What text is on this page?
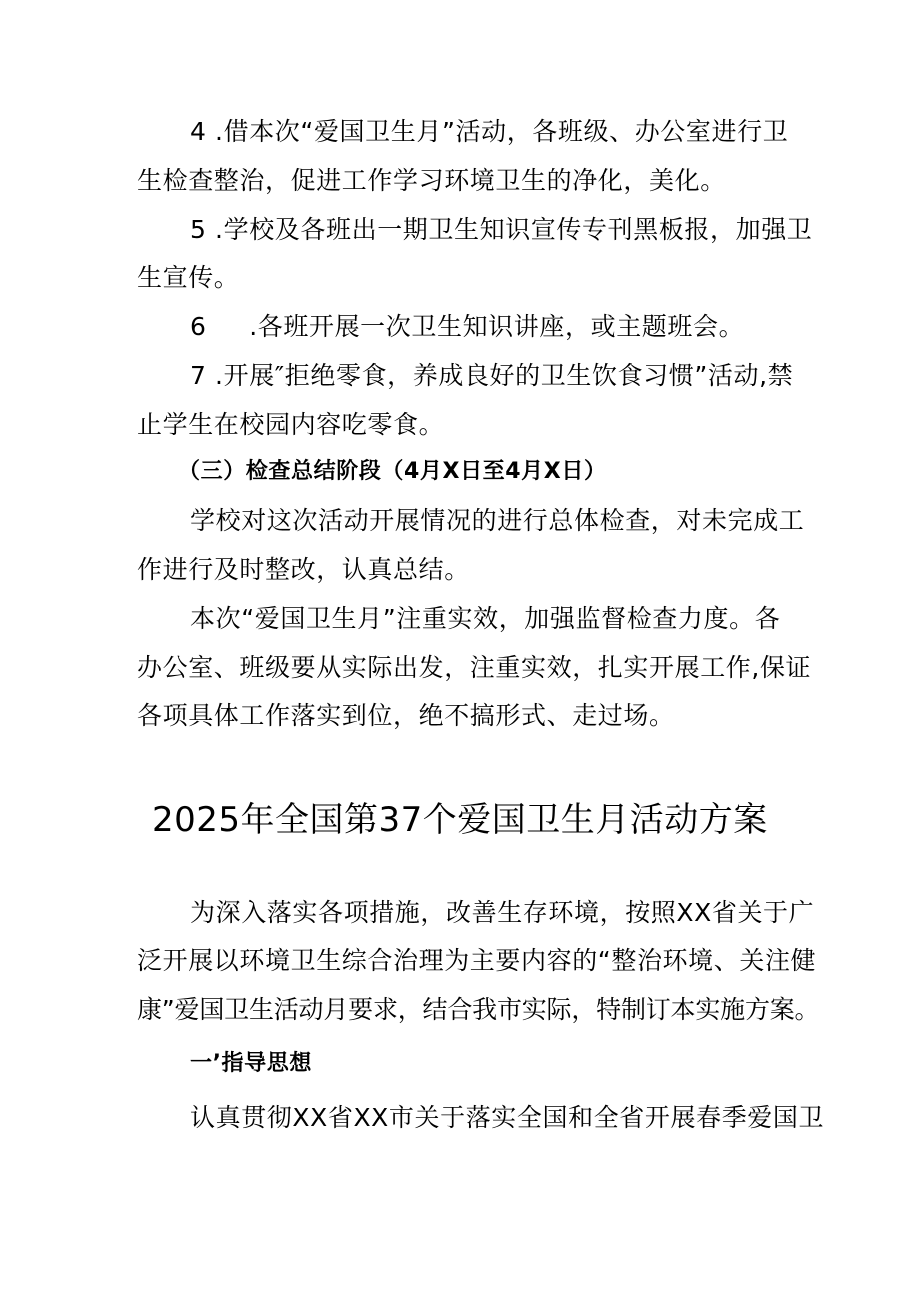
4 .借本次“爱国卫生月”活动，各班级、办公室进行卫
生检查整治，促进工作学习环境卫生的净化，美化。
5 .学校及各班出一期卫生知识宣传专刊黑板报，加强卫
生宣传。
6     .各班开展一次卫生知识讲座，或主题班会。
7 .开展″拒绝零食，养成良好的卫生饮食习惯”活动,禁
止学生在校园内容吃零食。
（三）检查总结阶段（4月X日至4月X日）
学校对这次活动开展情况的进行总体检查，对未完成工
作进行及时整改，认真总结。
本次“爱国卫生月”注重实效，加强监督检查力度。各
办公室、班级要从实际出发，注重实效，扎实开展工作,保证
各项具体工作落实到位，绝不搞形式、走过场。
2025年全国第37个爱国卫生月活动方案
为深入落实各项措施，改善生存环境，按照XX省关于广
泛开展以环境卫生综合治理为主要内容的“整治环境、关注健
康”爱国卫生活动月要求，结合我市实际，特制订本实施方案。
一’指导思想
认真贯彻XX省XX市关于落实全国和全省开展春季爱国卫
